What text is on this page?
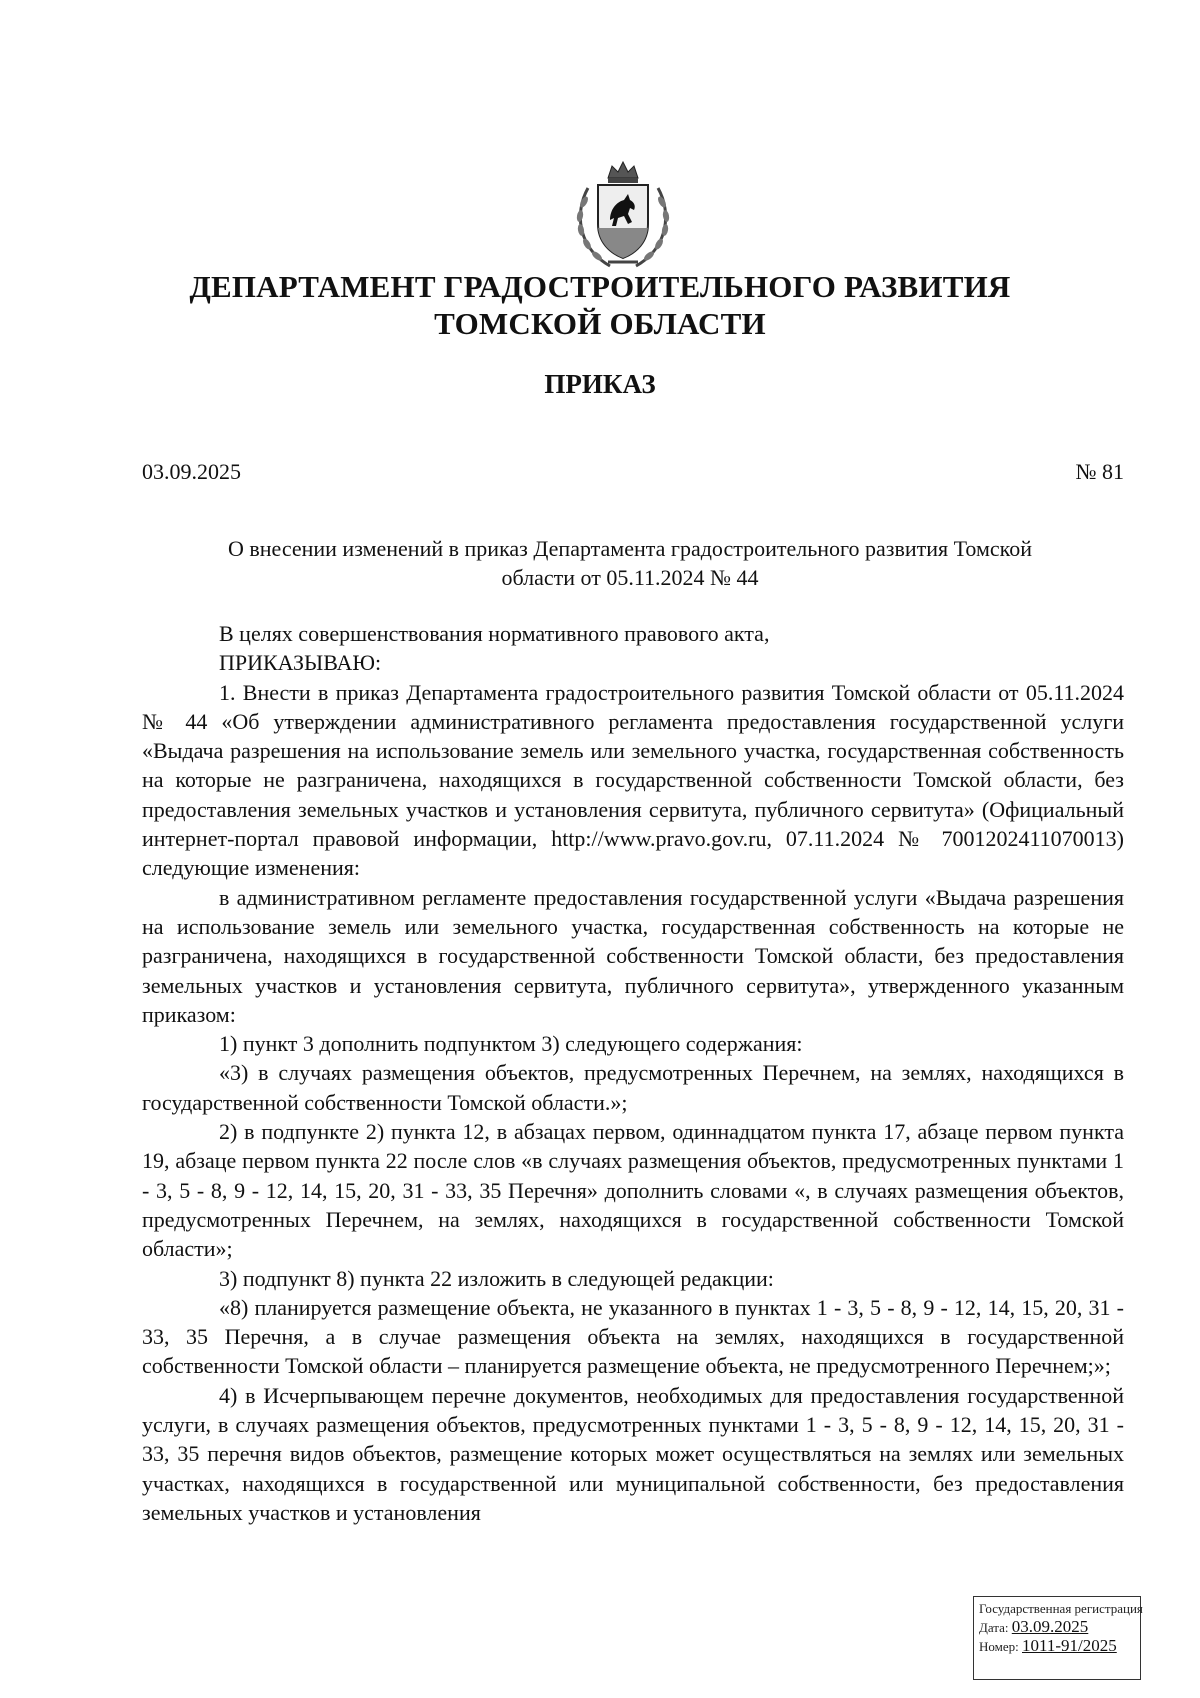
ДЕПАРТАМЕНТ ГРАДОСТРОИТЕЛЬНОГО РАЗВИТИЯ
ТОМСКОЙ ОБЛАСТИ
ПРИКАЗ
03.09.2025	№ 81
О внесении изменений в приказ Департамента градостроительного развития Томской
области от 05.11.2024 № 44

В целях совершенствования нормативного правового акта,

ПРИКАЗЫВАЮ:

1. Внести в приказ Департамента градостроительного развития Томской области от 05.11.2024 № 44 «Об утверждении административного регламента предоставления государственной услуги «Выдача разрешения на использование земель или земельного участка, государственная собственность на которые не разграничена, находящихся в государственной собственности Томской области, без предоставления земельных участков и установления сервитута, публичного сервитута» (Официальный интернет-портал правовой информации, http://www.pravo.gov.ru, 07.11.2024 № 7001202411070013) следующие изменения:

в административном регламенте предоставления государственной услуги «Выдача разрешения на использование земель или земельного участка, государственная собственность на которые не разграничена, находящихся в государственной собственности Томской области, без предоставления земельных участков и установления сервитута, публичного сервитута», утвержденного указанным приказом:

1) пункт 3 дополнить подпунктом 3) следующего содержания:

«3) в случаях размещения объектов, предусмотренных Перечнем, на землях, находящихся в государственной собственности Томской области.»;

2) в подпункте 2) пункта 12, в абзацах первом, одиннадцатом пункта 17, абзаце первом пункта 19, абзаце первом пункта 22 после слов «в случаях размещения объектов, предусмотренных пунктами 1 - 3, 5 - 8, 9 - 12, 14, 15, 20, 31 - 33, 35 Перечня» дополнить словами «, в случаях размещения объектов, предусмотренных Перечнем, на землях, находящихся в государственной собственности Томской области»;

3) подпункт 8) пункта 22 изложить в следующей редакции:

«8) планируется размещение объекта, не указанного в пунктах 1 - 3, 5 - 8, 9 - 12, 14, 15, 20, 31 - 33, 35 Перечня, а в случае размещения объекта на землях, находящихся в государственной собственности Томской области – планируется размещение объекта, не предусмотренного Перечнем;»;

4) в Исчерпывающем перечне документов, необходимых для предоставления государственной услуги, в случаях размещения объектов, предусмотренных пунктами 1 - 3, 5 - 8, 9 - 12, 14, 15, 20, 31 - 33, 35 перечня видов объектов, размещение которых может осуществляться на землях или земельных участках, находящихся в государственной или муниципальной собственности, без предоставления земельных участков и установления

Государственная регистрация
Дата: 03.09.2025
Номер: 1011-91/2025
